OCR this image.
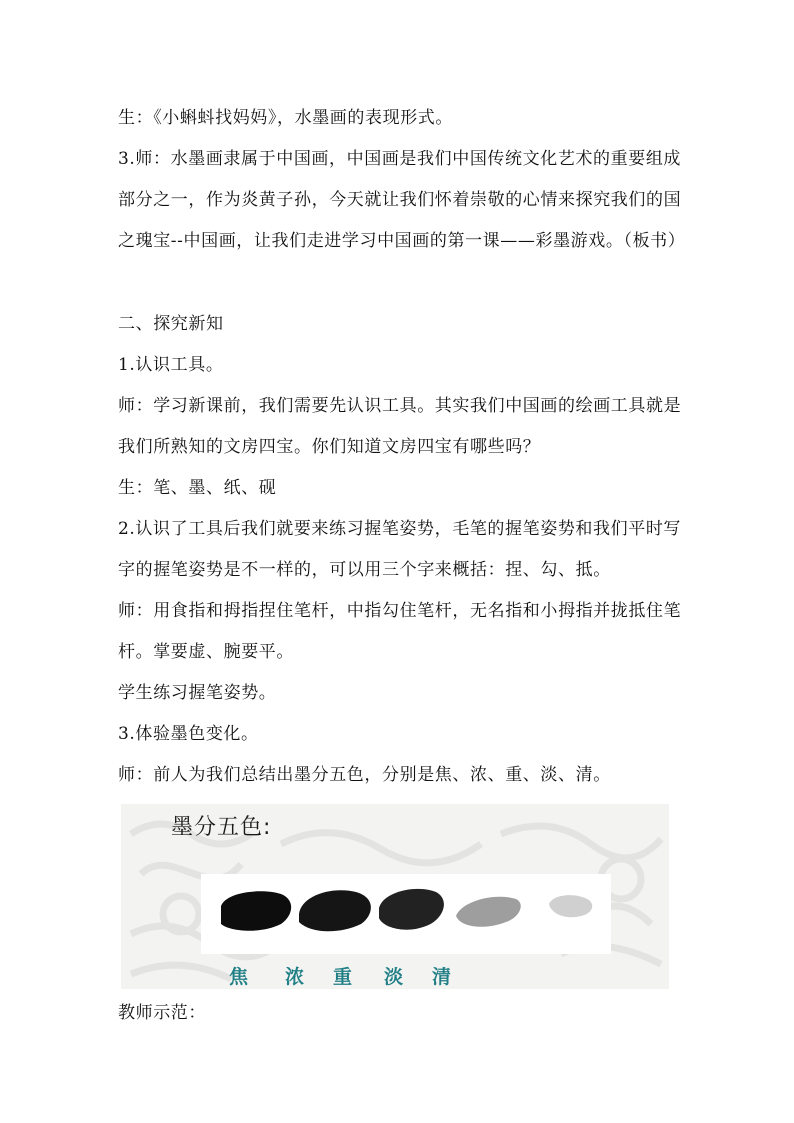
生：《小蝌蚪找妈妈》，水墨画的表现形式。
3.师：水墨画隶属于中国画，中国画是我们中国传统文化艺术的重要组成部分之一，作为炎黄子孙，今天就让我们怀着崇敬的心情来探究我们的国之瑰宝--中国画，让我们走进学习中国画的第一课——彩墨游戏。（板书）
二、探究新知
1.认识工具。
师：学习新课前，我们需要先认识工具。其实我们中国画的绘画工具就是我们所熟知的文房四宝。你们知道文房四宝有哪些吗？
生：笔、墨、纸、砚
2.认识了工具后我们就要来练习握笔姿势，毛笔的握笔姿势和我们平时写字的握笔姿势是不一样的，可以用三个字来概括：捏、勾、抵。
师：用食指和拇指捏住笔杆，中指勾住笔杆，无名指和小拇指并拢抵住笔杆。掌要虚、腕要平。
学生练习握笔姿势。
3.体验墨色变化。
师：前人为我们总结出墨分五色，分别是焦、浓、重、淡、清。
墨分五色:
焦 浓 重 淡 清
教师示范：
